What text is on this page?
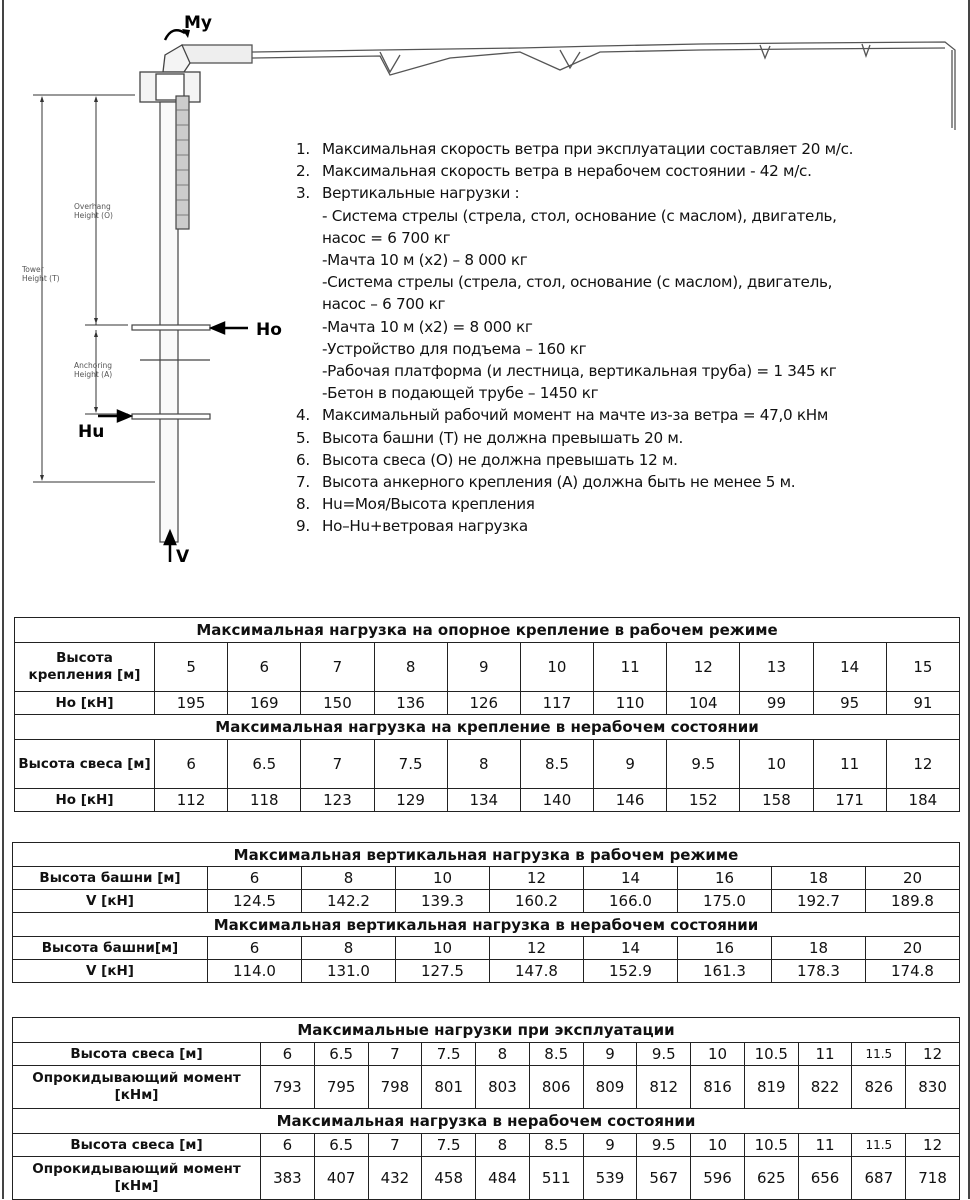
My
Overhang
Height (O)
Tower
Height (T)
Anchoring
Height (A)
Ho
Hu
V
1. Максимальная скорость ветра при эксплуатации составляет 20 м/с.
2. Максимальная скорость ветра в нерабочем состоянии - 42 м/с.
3. Вертикальные нагрузки :
- Система стрелы (стрела, стол, основание (с маслом), двигатель,
насос = 6 700 кг
-Мачта 10 м (x2) – 8 000 кг
-Система стрелы (стрела, стол, основание (с маслом), двигатель,
насос – 6 700 кг
-Мачта 10 м (x2) = 8 000 кг
-Устройство для подъема – 160 кг
-Рабочая платформа (и лестница, вертикальная труба) = 1 345 кг
-Бетон в подающей трубе – 1450 кг
4. Максимальный рабочий момент на мачте из-за ветра = 47,0 кНм
5. Высота башни (T) не должна превышать 20 м.
6. Высота свеса (O) не должна превышать 12 м.
7. Высота анкерного крепления (A) должна быть не менее 5 м.
8. Hu=Моя/Высота крепления
9. Ho–Hu+ветровая нагрузка
Максимальная нагрузка на опорное крепление в рабочем режиме											
Высота крепления [м]	5	6	7	8	9	10	11	12	13	14	15
Ho [кН]	195	169	150	136	126	117	110	104	99	95	91
Максимальная нагрузка на крепление в нерабочем состоянии											
Высота свеса [м]	6	6.5	7	7.5	8	8.5	9	9.5	10	11	12
Ho [кН]	112	118	123	129	134	140	146	152	158	171	184
Максимальная вертикальная нагрузка в рабочем режиме								
Высота башни [м]	6	8	10	12	14	16	18	20
V [кН]	124.5	142.2	139.3	160.2	166.0	175.0	192.7	189.8
Максимальная вертикальная нагрузка в нерабочем состоянии								
Высота башни[м]	6	8	10	12	14	16	18	20
V [кН]	114.0	131.0	127.5	147.8	152.9	161.3	178.3	174.8
Максимальные нагрузки при эксплуатации													
Высота свеса [м]	6	6.5	7	7.5	8	8.5	9	9.5	10	10.5	11	11.5	12
Опрокидывающий момент [кНм]	793	795	798	801	803	806	809	812	816	819	822	826	830
Максимальная нагрузка в нерабочем состоянии													
Высота свеса [м]	6	6.5	7	7.5	8	8.5	9	9.5	10	10.5	11	11.5	12
Опрокидывающий момент [кНм]	383	407	432	458	484	511	539	567	596	625	656	687	718
